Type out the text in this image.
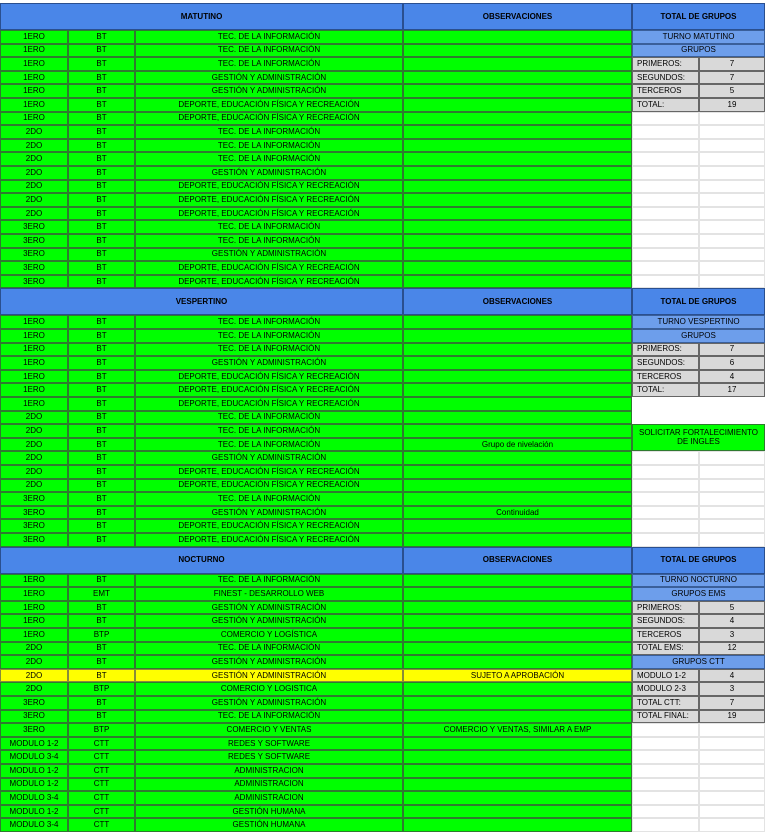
MATUTINO	OBSERVACIONES	TOTAL DE GRUPOS
1ERO	BT	TEC. DE LA INFORMACIÓN
1ERO	BT	TEC. DE LA INFORMACIÓN
1ERO	BT	TEC. DE LA INFORMACIÓN
1ERO	BT	GESTIÓN Y ADMINISTRACIÓN
1ERO	BT	GESTIÓN Y ADMINISTRACIÓN
1ERO	BT	DEPORTE, EDUCACIÓN FÍSICA Y RECREACIÓN
1ERO	BT	DEPORTE, EDUCACIÓN FÍSICA Y RECREACIÓN
2DO	BT	TEC. DE LA INFORMACIÓN
2DO	BT	TEC. DE LA INFORMACIÓN
2DO	BT	TEC. DE LA INFORMACIÓN
2DO	BT	GESTIÓN Y ADMINISTRACIÓN
2DO	BT	DEPORTE, EDUCACIÓN FÍSICA Y RECREACIÓN
2DO	BT	DEPORTE, EDUCACIÓN FÍSICA Y RECREACIÓN
2DO	BT	DEPORTE, EDUCACIÓN FÍSICA Y RECREACIÓN
3ERO	BT	TEC. DE LA INFORMACIÓN
3ERO	BT	TEC. DE LA INFORMACIÓN
3ERO	BT	GESTIÓN Y ADMINISTRACIÓN
3ERO	BT	DEPORTE, EDUCACIÓN FÍSICA Y RECREACIÓN
3ERO	BT	DEPORTE, EDUCACIÓN FÍSICA Y RECREACIÓN
TURNO MATUTINO
GRUPOS
PRIMEROS:	7
SEGUNDOS:	7
TERCEROS	5
TOTAL:	19
VESPERTINO	OBSERVACIONES	TOTAL DE GRUPOS
1ERO	BT	TEC. DE LA INFORMACIÓN
1ERO	BT	TEC. DE LA INFORMACIÓN
1ERO	BT	TEC. DE LA INFORMACIÓN
1ERO	BT	GESTIÓN Y ADMINISTRACIÓN
1ERO	BT	DEPORTE, EDUCACIÓN FÍSICA Y RECREACIÓN
1ERO	BT	DEPORTE, EDUCACIÓN FÍSICA Y RECREACIÓN
1ERO	BT	DEPORTE, EDUCACIÓN FÍSICA Y RECREACIÓN
2DO	BT	TEC. DE LA INFORMACIÓN
2DO	BT	TEC. DE LA INFORMACIÓN
2DO	BT	TEC. DE LA INFORMACIÓN	Grupo de nivelación
2DO	BT	GESTIÓN Y ADMINISTRACIÓN
2DO	BT	DEPORTE, EDUCACIÓN FÍSICA Y RECREACIÓN
2DO	BT	DEPORTE, EDUCACIÓN FÍSICA Y RECREACIÓN
3ERO	BT	TEC. DE LA INFORMACIÓN
3ERO	BT	GESTIÓN Y ADMINISTRACIÓN	Continuidad
3ERO	BT	DEPORTE, EDUCACIÓN FÍSICA Y RECREACIÓN
3ERO	BT	DEPORTE, EDUCACIÓN FÍSICA Y RECREACIÓN
TURNO VESPERTINO
GRUPOS
PRIMEROS:	7
SEGUNDOS:	6
TERCEROS	4
TOTAL:	17
SOLICITAR FORTALECIMIENTO DE INGLES
NOCTURNO	OBSERVACIONES	TOTAL DE GRUPOS
1ERO	BT	TEC. DE LA INFORMACIÓN
1ERO	EMT	FINEST - DESARROLLO WEB
1ERO	BT	GESTIÓN Y ADMINISTRACIÓN
1ERO	BT	GESTIÓN Y ADMINISTRACIÓN
1ERO	BTP	COMERCIO Y LOGÍSTICA
2DO	BT	TEC. DE LA INFORMACIÓN
2DO	BT	GESTIÓN Y ADMINISTRACIÓN
2DO	BT	GESTIÓN Y ADMINISTRACIÓN	SUJETO A APROBACIÓN
2DO	BTP	COMERCIO Y LOGISTICA
3ERO	BT	GESTIÓN Y ADMINISTRACIÓN
3ERO	BT	TEC. DE LA INFORMACIÓN
3ERO	BTP	COMERCIO Y VENTAS	COMERCIO Y VENTAS, SIMILAR A EMP
MODULO 1-2	CTT	REDES Y SOFTWARE
MODULO 3-4	CTT	REDES Y SOFTWARE
MODULO 1-2	CTT	ADMINISTRACION
MODULO 1-2	CTT	ADMINISTRACION
MODULO 3-4	CTT	ADMINISTRACION
MODULO 1-2	CTT	GESTIÓN HUMANA
MODULO 3-4	CTT	GESTIÓN HUMANA
TURNO NOCTURNO
GRUPOS EMS
PRIMEROS:	5
SEGUNDOS:	4
TERCEROS	3
TOTAL EMS:	12
GRUPOS CTT
MODULO 1-2	4
MODULO 2-3	3
TOTAL CTT:	7
TOTAL FINAL:	19
